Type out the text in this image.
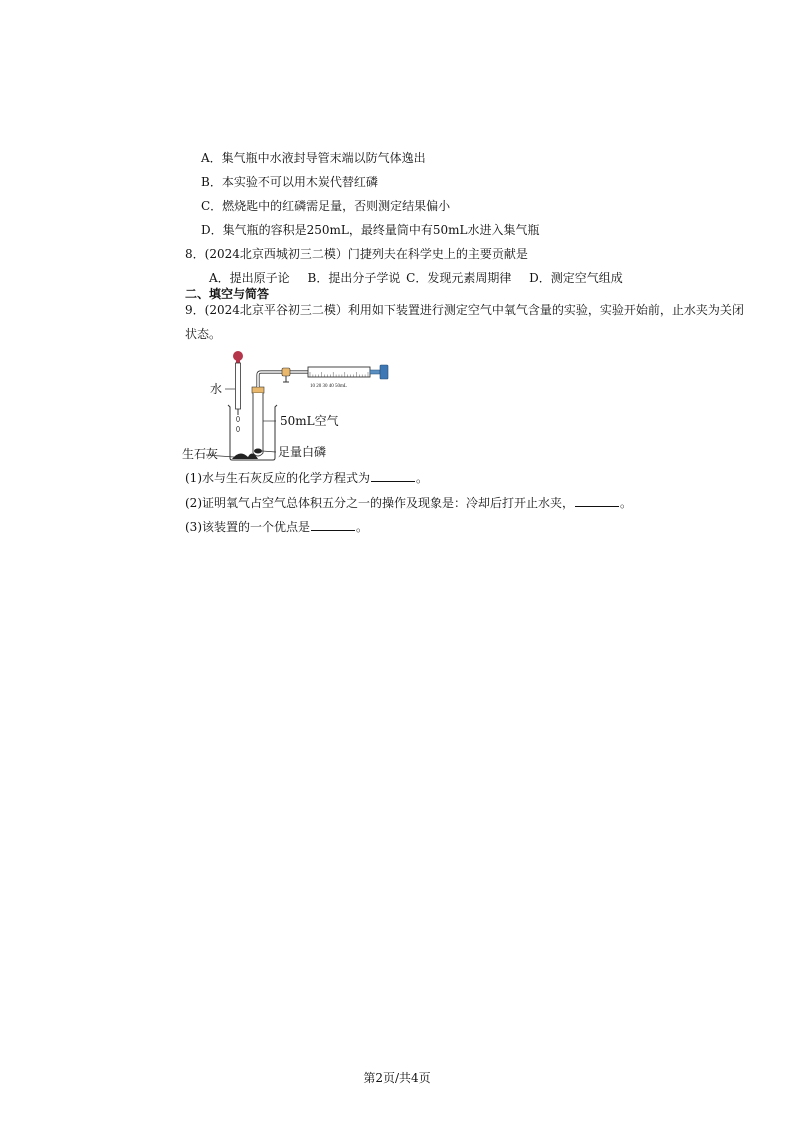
A．集气瓶中水液封导管末端以防气体逸出
B．本实验不可以用木炭代替红磷
C．燃烧匙中的红磷需足量，否则测定结果偏小
D．集气瓶的容积是250mL，最终量筒中有50mL水进入集气瓶
8．(2024北京西城初三二模）门捷列夫在科学史上的主要贡献是
A．提出原子论 B．提出分子学说 C．发现元素周期律 D．测定空气组成
二、填空与简答
9．(2024北京平谷初三二模）利用如下装置进行测定空气中氧气含量的实验，实验开始前，止水夹为关闭
状态。
10 20 30 40 50mL
水
50mL空气
生石灰	足量白磷
(1)水与生石灰反应的化学方程式为	。
(2)证明氧气占空气总体积五分之一的操作及现象是：冷却后打开止水夹，	。
(3)该装置的一个优点是	。
第2页/共4页
